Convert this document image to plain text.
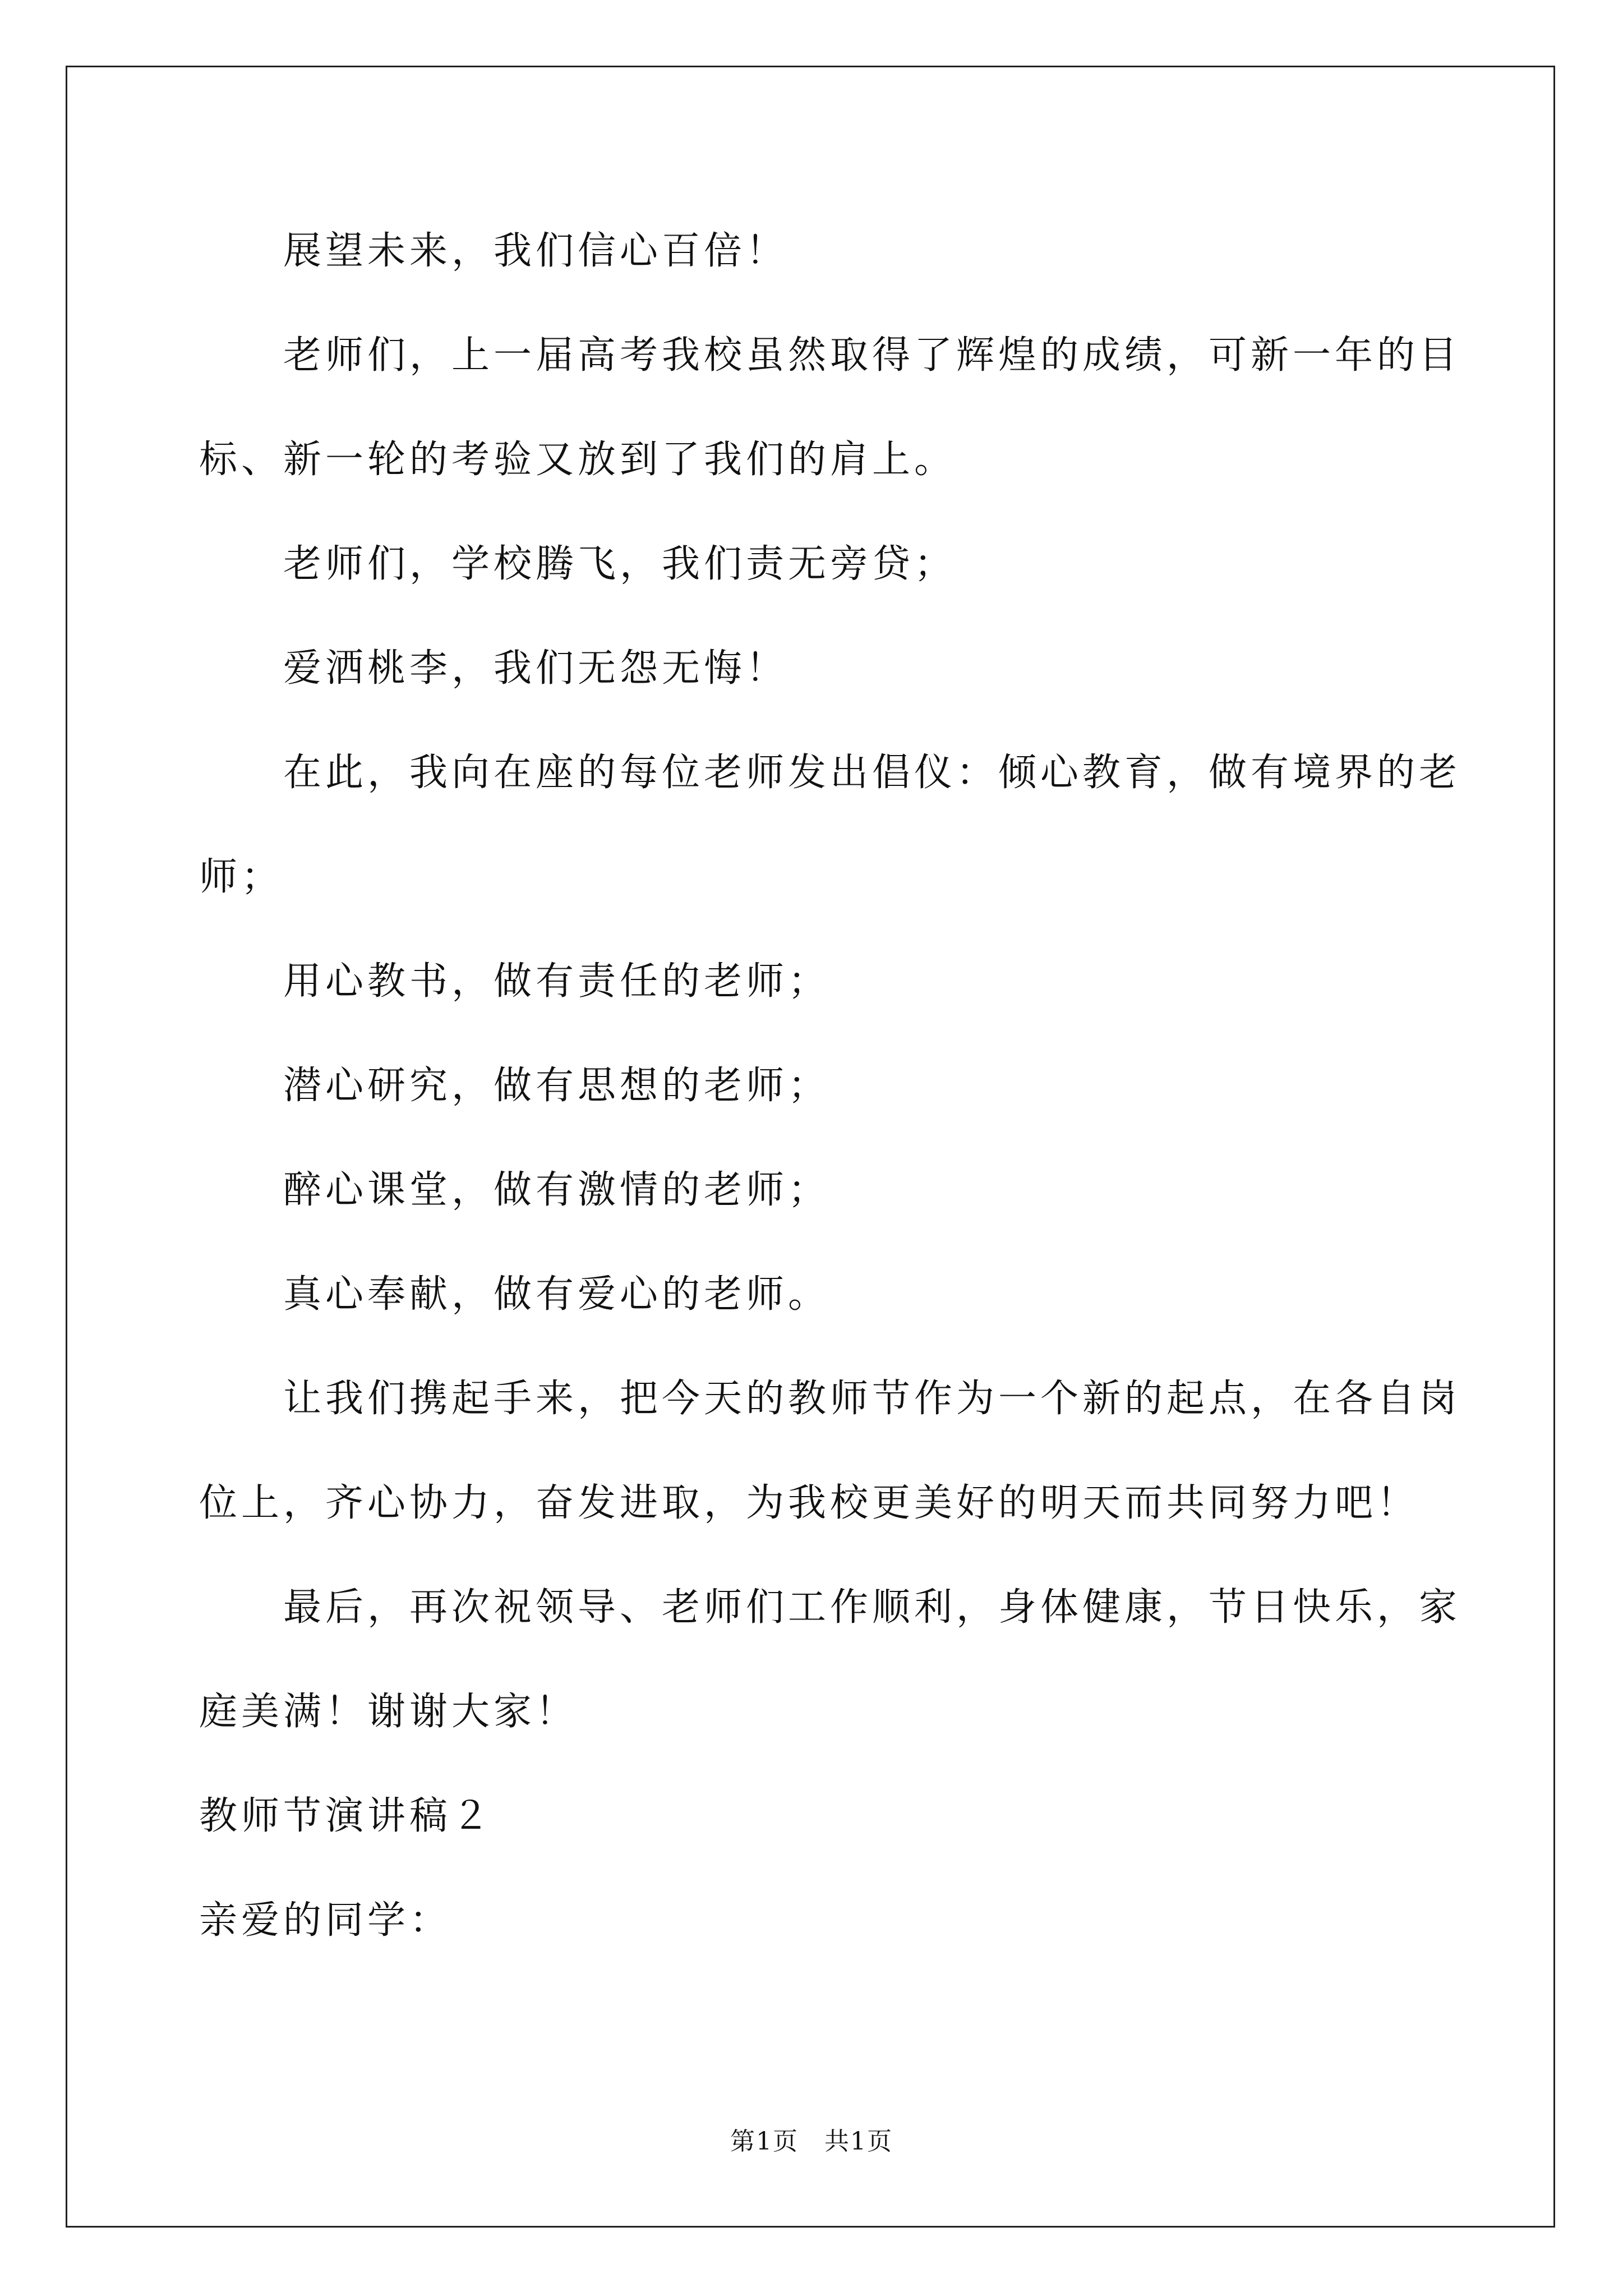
展望未来，我们信心百倍！
老师们，上一届高考我校虽然取得了辉煌的成绩，可新一年的目
标、新一轮的考验又放到了我们的肩上。
老师们，学校腾飞，我们责无旁贷；
爱洒桃李，我们无怨无悔！
在此，我向在座的每位老师发出倡仪：倾心教育，做有境界的老
师；
用心教书，做有责任的老师；
潜心研究，做有思想的老师；
醉心课堂，做有激情的老师；
真心奉献，做有爱心的老师。
让我们携起手来，把今天的教师节作为一个新的起点，在各自岗
位上，齐心协力，奋发进取，为我校更美好的明天而共同努力吧！
最后，再次祝领导、老师们工作顺利，身体健康，节日快乐，家
庭美满！谢谢大家！
教师节演讲稿２
亲爱的同学：
第1页　共1页
